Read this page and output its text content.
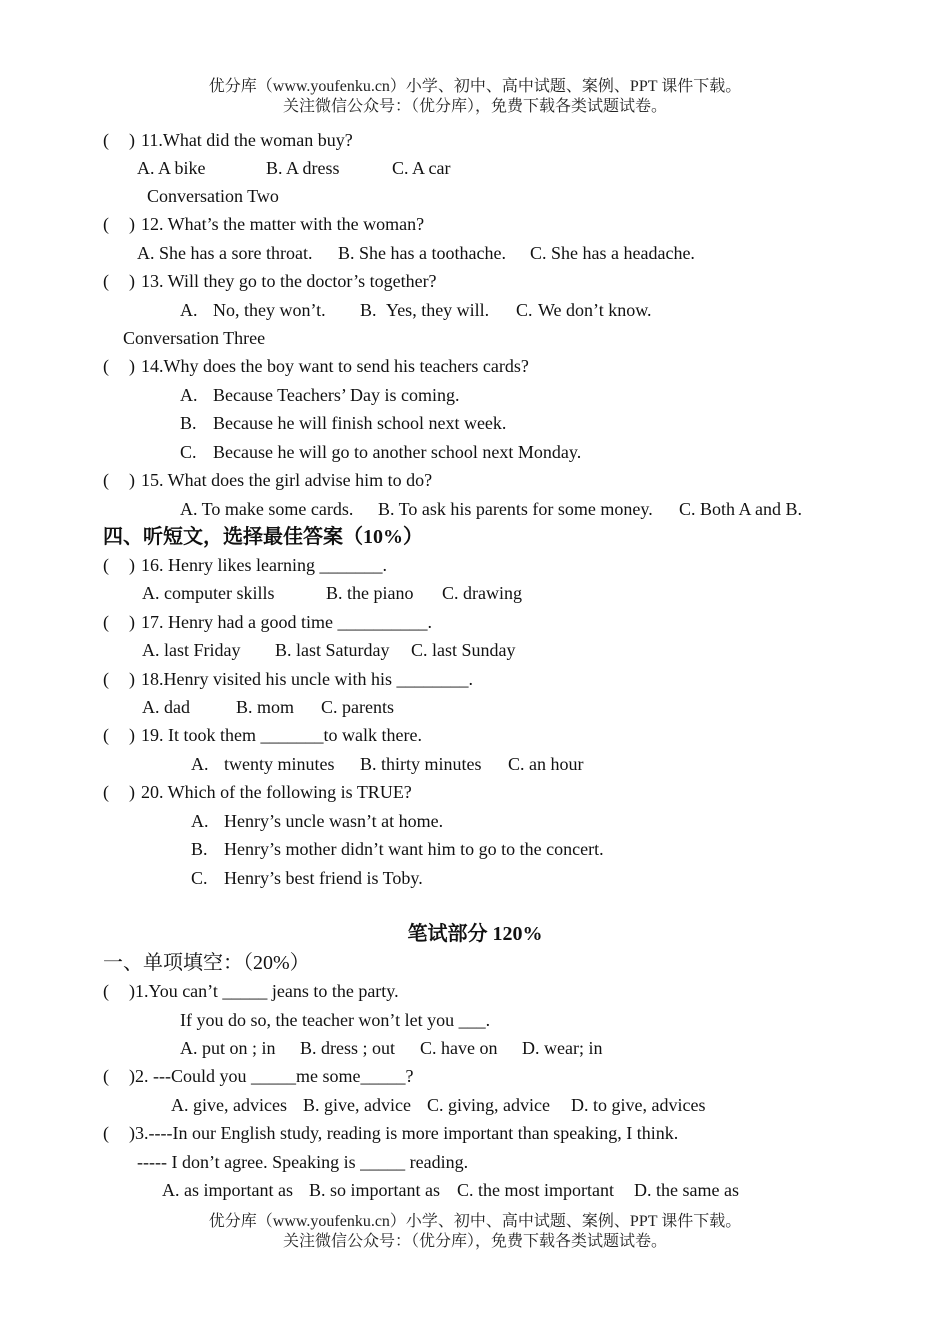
优分库（www.youfenku.cn）小学、初中、高中试题、案例、PPT 课件下载。
关注微信公众号：（优分库），免费下载各类试题试卷。
( ) 11.What did the woman buy?
A. A bike	B. A dress	C. A car
Conversation Two
( ) 12. What’s the matter with the woman?
A. She has a sore throat. B. She has a toothache. C. She has a headache.
( ) 13. Will they go to the doctor’s together?
A. No, they won’t. B. Yes, they will. C. We don’t know.
Conversation Three
( ) 14.Why does the boy want to send his teachers cards?
A. Because Teachers’ Day is coming.
B. Because he will finish school next week.
C. Because he will go to another school next Monday.
( ) 15. What does the girl advise him to do?
A. To make some cards. B. To ask his parents for some money. C. Both A and B.
四、听短文，选择最佳答案（10%）
( ) 16. Henry likes learning _______.
A. computer skills	B. the piano C. drawing
( ) 17. Henry had a good time __________.
A. last Friday B. last Saturday C. last Sunday
( ) 18.Henry visited his uncle with his ________.
A. dad	B. mom C. parents
( ) 19. It took them _______to walk there.
A. twenty minutes B. thirty minutes C. an hour
( ) 20. Which of the following is TRUE?
A. Henry’s uncle wasn’t at home.
B. Henry’s mother didn’t want him to go to the concert.
C. Henry’s best friend is Toby.
笔试部分 120%
一、单项填空：（20%）
( )1.You can’t _____ jeans to the party.
If you do so, the teacher won’t let you ___.
A. put on ; in B. dress ; out C. have on D. wear; in
( )2. ---Could you _____me some_____?
A. give, advices B. give, advice C. giving, advice D. to give, advices
( )3.----In our English study, reading is more important than speaking, I think.
----- I don’t agree. Speaking is _____ reading.
A. as important as B. so important as C. the most important D. the same as
优分库（www.youfenku.cn）小学、初中、高中试题、案例、PPT 课件下载。
关注微信公众号：（优分库），免费下载各类试题试卷。
